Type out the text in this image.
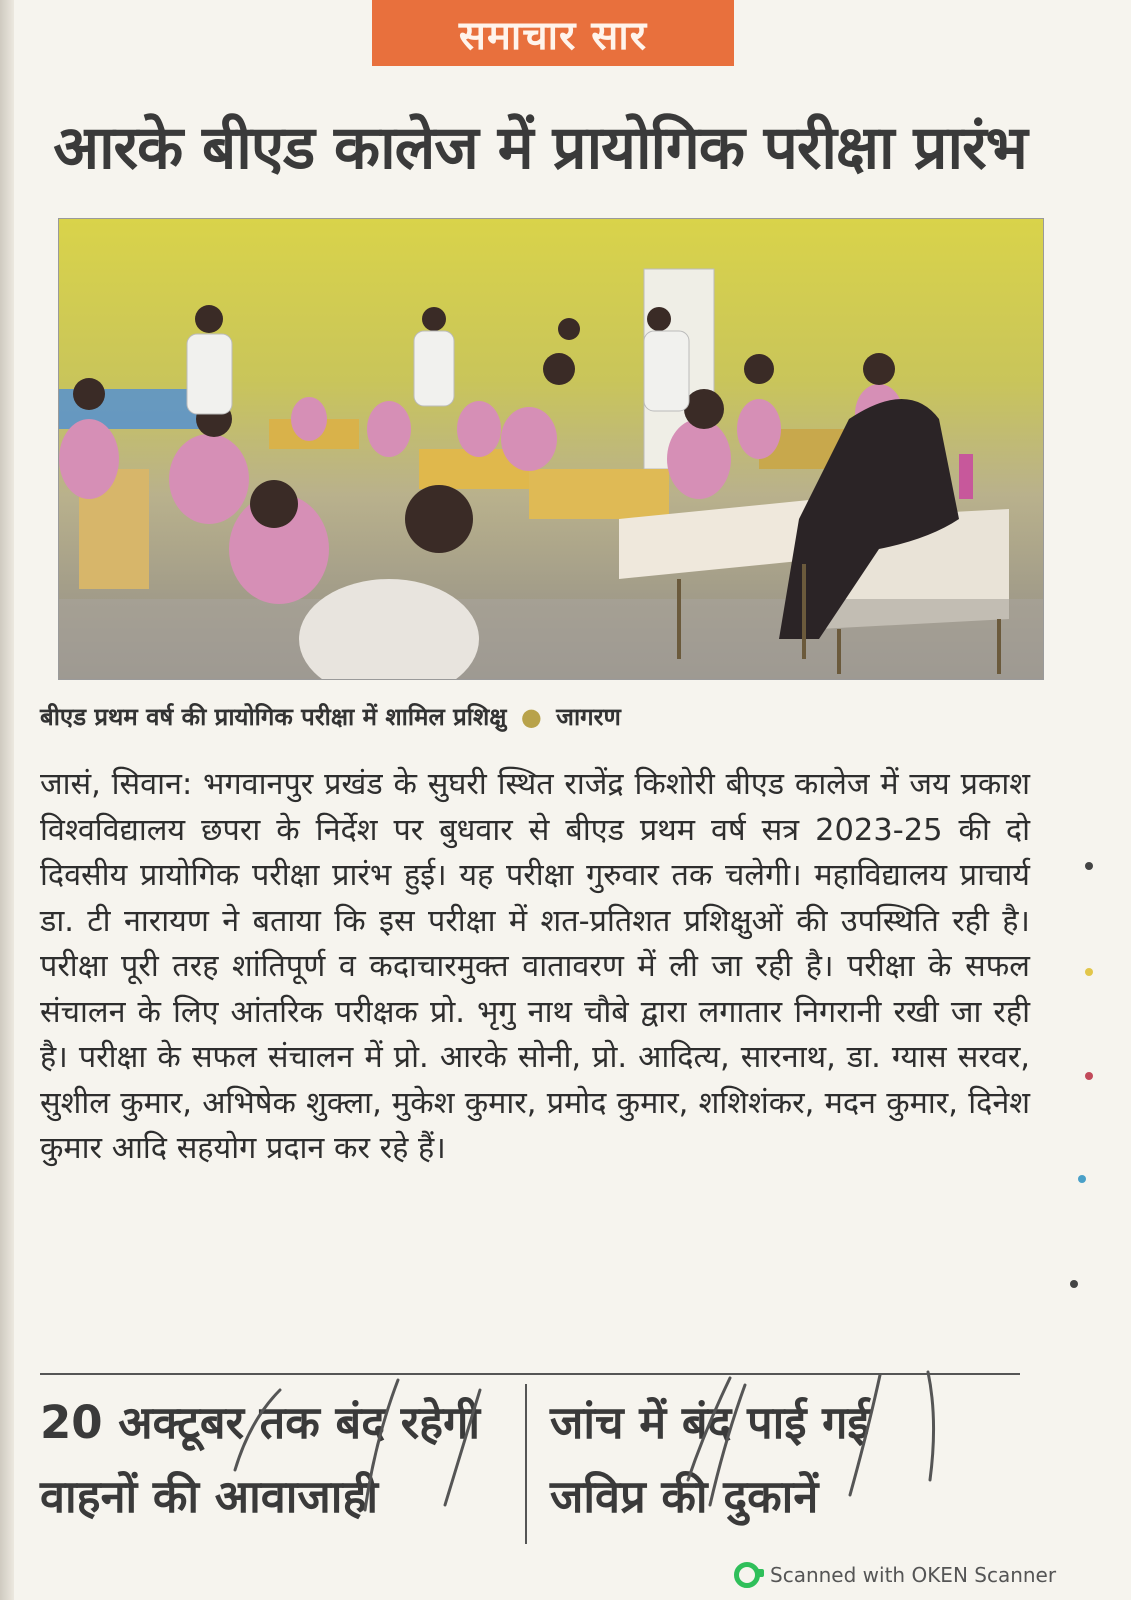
समाचार सार
आरके बीएड कालेज में प्रायोगिक परीक्षा प्रारंभ
बीएड प्रथम वर्ष की प्रायोगिक परीक्षा में शामिल प्रशिक्षु ● जागरण
जासं, सिवान: भगवानपुर प्रखंड के सुघरी स्थित राजेंद्र किशोरी बीएड कालेज में जय प्रकाश विश्वविद्यालय छपरा के निर्देश पर बुधवार से बीएड प्रथम वर्ष सत्र 2023-25 की दो दिवसीय प्रायोगिक परीक्षा प्रारंभ हुई। यह परीक्षा गुरुवार तक चलेगी। महाविद्यालय प्राचार्य डा. टी नारायण ने बताया कि इस परीक्षा में शत-प्रतिशत प्रशिक्षुओं की उपस्थिति रही है। परीक्षा पूरी तरह शांतिपूर्ण व कदाचारमुक्त वातावरण में ली जा रही है। परीक्षा के सफल संचालन के लिए आंतरिक परीक्षक प्रो. भृगु नाथ चौबे द्वारा लगातार निगरानी रखी जा रही है। परीक्षा के सफल संचालन में प्रो. आरके सोनी, प्रो. आदित्य, सारनाथ, डा. ग्यास सरवर, सुशील कुमार, अभिषेक शुक्ला, मुकेश कुमार, प्रमोद कुमार, शशिशंकर, मदन कुमार, दिनेश कुमार आदि सहयोग प्रदान कर रहे हैं।
20 अक्टूबर तक बंद रहेगी
वाहनों की आवाजाही
जांच में बंद पाई गई
जविप्र की दुकानें
Scanned with OKEN Scanner
